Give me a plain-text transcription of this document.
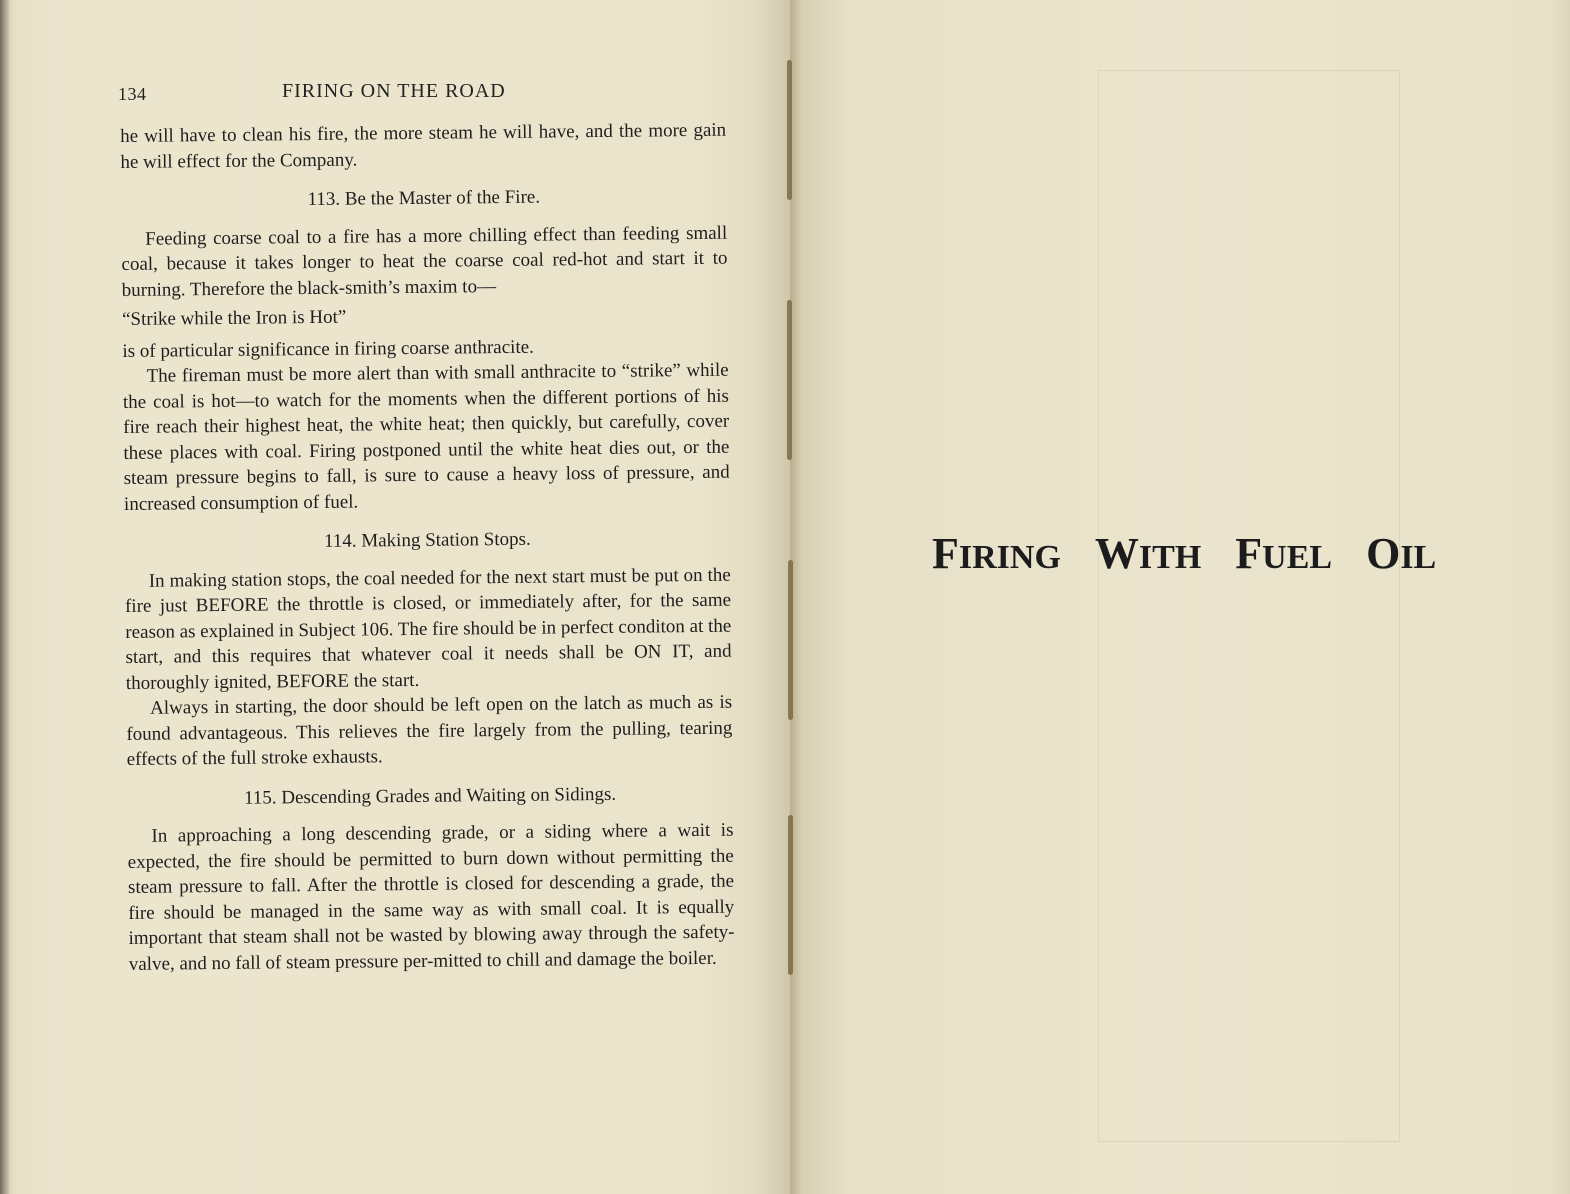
134	FIRING ON THE ROAD

he will have to clean his fire, the more steam he will have, and the more gain he will effect for the Company.

113. Be the Master of the Fire.

Feeding coarse coal to a fire has a more chilling effect than feeding small coal, because it takes longer to heat the coarse coal red-hot and start it to burning. Therefore the black-smith’s maxim to—

“Strike while the Iron is Hot”

is of particular significance in firing coarse anthracite.

The fireman must be more alert than with small anthracite to “strike” while the coal is hot—to watch for the moments when the different portions of his fire reach their highest heat, the white heat; then quickly, but carefully, cover these places with coal. Firing postponed until the white heat dies out, or the steam pressure begins to fall, is sure to cause a heavy loss of pressure, and increased consumption of fuel.

114. Making Station Stops.

In making station stops, the coal needed for the next start must be put on the fire just BEFORE the throttle is closed, or immediately after, for the same reason as explained in Subject 106. The fire should be in perfect conditon at the start, and this requires that whatever coal it needs shall be ON IT, and thoroughly ignited, BEFORE the start.

Always in starting, the door should be left open on the latch as much as is found advantageous. This relieves the fire largely from the pulling, tearing effects of the full stroke exhausts.

115. Descending Grades and Waiting on Sidings.

In approaching a long descending grade, or a siding where a wait is expected, the fire should be permitted to burn down without permitting the steam pressure to fall. After the throttle is closed for descending a grade, the fire should be managed in the same way as with small coal. It is equally important that steam shall not be wasted by blowing away through the safety-valve, and no fall of steam pressure per-mitted to chill and damage the boiler.

FIRING WITH FUEL OIL
